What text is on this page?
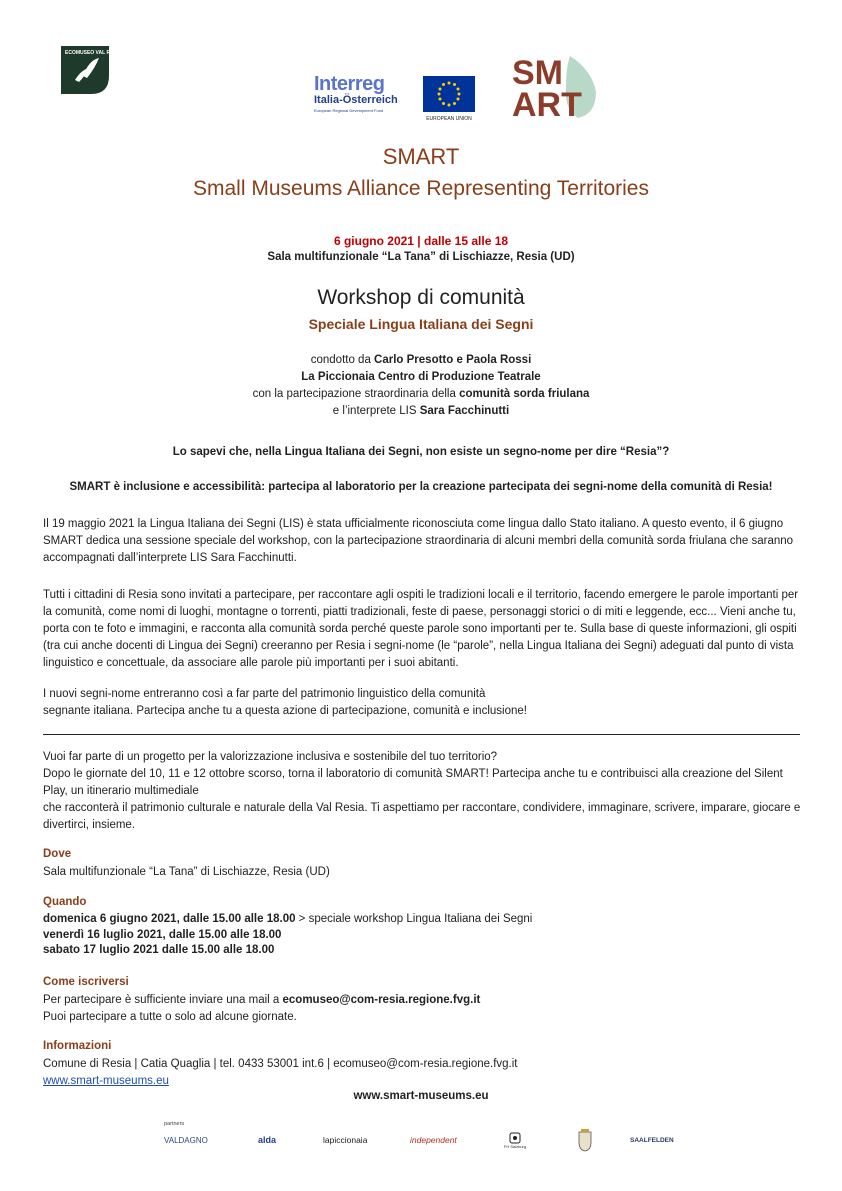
ECOMUSEO VAL RESIA
Interreg
Italia-Österreich
European Regional Development Fund
EUROPEAN UNION
SM
ART
SMART
Small Museums Alliance Representing Territories
6 giugno 2021 | dalle 15 alle 18
Sala multifunzionale “La Tana” di Lischiazze, Resia (UD)
Workshop di comunità
Speciale Lingua Italiana dei Segni
condotto da Carlo Presotto e Paola Rossi
La Piccionaia Centro di Produzione Teatrale
con la partecipazione straordinaria della comunità sorda friulana
e l’interprete LIS Sara Facchinutti
Lo sapevi che, nella Lingua Italiana dei Segni, non esiste un segno-nome per dire “Resia”?
SMART è inclusione e accessibilità: partecipa al laboratorio per la creazione partecipata dei segni-nome della comunità di Resia!
Il 19 maggio 2021 la Lingua Italiana dei Segni (LIS) è stata ufficialmente riconosciuta come lingua dallo Stato italiano. A questo evento, il 6 giugno SMART dedica una sessione speciale del workshop, con la partecipazione straordinaria di alcuni membri della comunità sorda friulana che saranno accompagnati dall’interprete LIS Sara Facchinutti.
Tutti i cittadini di Resia sono invitati a partecipare, per raccontare agli ospiti le tradizioni locali e il territorio, facendo emergere le parole importanti per la comunità, come nomi di luoghi, montagne o torrenti, piatti tradizionali, feste di paese, personaggi storici o di miti e leggende, ecc... Vieni anche tu, porta con te foto e immagini, e racconta alla comunità sorda perché queste parole sono importanti per te. Sulla base di queste informazioni, gli ospiti (tra cui anche docenti di Lingua dei Segni) creeranno per Resia i segni-nome (le “parole”, nella Lingua Italiana dei Segni) adeguati dal punto di vista linguistico e concettuale, da associare alle parole più importanti per i suoi abitanti.
I nuovi segni-nome entreranno così a far parte del patrimonio linguistico della comunità
segnante italiana. Partecipa anche tu a questa azione di partecipazione, comunità e inclusione!
Vuoi far parte di un progetto per la valorizzazione inclusiva e sostenibile del tuo territorio?
Dopo le giornate del 10, 11 e 12 ottobre scorso, torna il laboratorio di comunità SMART! Partecipa anche tu e contribuisci alla creazione del Silent Play, un itinerario multimediale
che racconterà il patrimonio culturale e naturale della Val Resia. Ti aspettiamo per raccontare, condividere, immaginare, scrivere, imparare, giocare e divertirci, insieme.
Dove
Sala multifunzionale “La Tana” di Lischiazze, Resia (UD)
Quando
domenica 6 giugno 2021, dalle 15.00 alle 18.00 > speciale workshop Lingua Italiana dei Segni
venerdì 16 luglio 2021, dalle 15.00 alle 18.00
sabato 17 luglio 2021 dalle 15.00 alle 18.00
Come iscriversi
Per partecipare è sufficiente inviare una mail a ecomuseo@com-resia.regione.fvg.it
Puoi partecipare a tutte o solo ad alcune giornate.
Informazioni
Comune di Resia | Catia Quaglia | tel. 0433 53001 int.6 | ecomuseo@com-resia.regione.fvg.it
www.smart-museums.eu
www.smart-museums.eu
partners
VALDAGNO	alda	lapiccionaia	independent
FH Salzburg
SAALFELDEN
